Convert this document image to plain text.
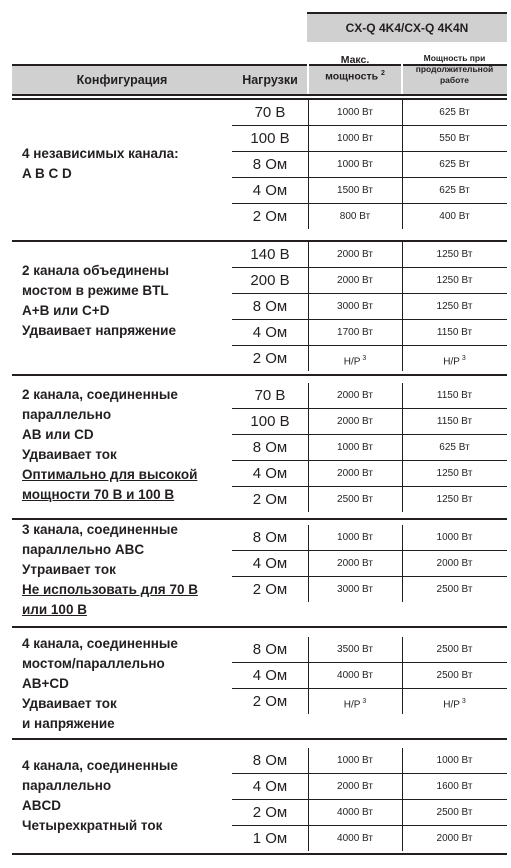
CX-Q 4K4/CX-Q 4K4N
Конфигурация	Нагрузки
Макс.
мощность $^2$
Мощность при
продолжительной
работе
4 независимых канала:
A B C D
70 В	1000 Вт	625 Вт
100 В	1000 Вт	550 Вт
8 Ом	1000 Вт	625 Вт
4 Ом	1500 Вт	625 Вт
2 Ом	800 Вт	400 Вт
2 канала объединены
мостом в режиме BTL
A+B или C+D
Удваивает напряжение
140 В	2000 Вт	1250 Вт
200 В	2000 Вт	1250 Вт
8 Ом	3000 Вт	1250 Вт
4 Ом	1700 Вт	1150 Вт
2 Ом	Н/Р $^3$	Н/Р $^3$
2 канала, соединенные
параллельно
AB или CD
Удваивает ток
Оптимально для высокой
мощности 70 В и 100 В
70 В	2000 Вт	1150 Вт
100 В	2000 Вт	1150 Вт
8 Ом	1000 Вт	625 Вт
4 Ом	2000 Вт	1250 Вт
2 Ом	2500 Вт	1250 Вт
3 канала, соединенные
параллельно ABC
Утраивает ток
Не использовать для 70 В
или 100 В
8 Ом	1000 Вт	1000 Вт
4 Ом	2000 Вт	2000 Вт
2 Ом	3000 Вт	2500 Вт
4 канала, соединенные
мостом/параллельно
AB+CD
Удваивает ток
и напряжение
8 Ом	3500 Вт	2500 Вт
4 Ом	4000 Вт	2500 Вт
2 Ом	Н/Р $^3$	Н/Р $^3$
4 канала, соединенные
параллельно
ABCD
Четырехкратный ток
8 Ом	1000 Вт	1000 Вт
4 Ом	2000 Вт	1600 Вт
2 Ом	4000 Вт	2500 Вт
1 Ом	4000 Вт	2000 Вт
